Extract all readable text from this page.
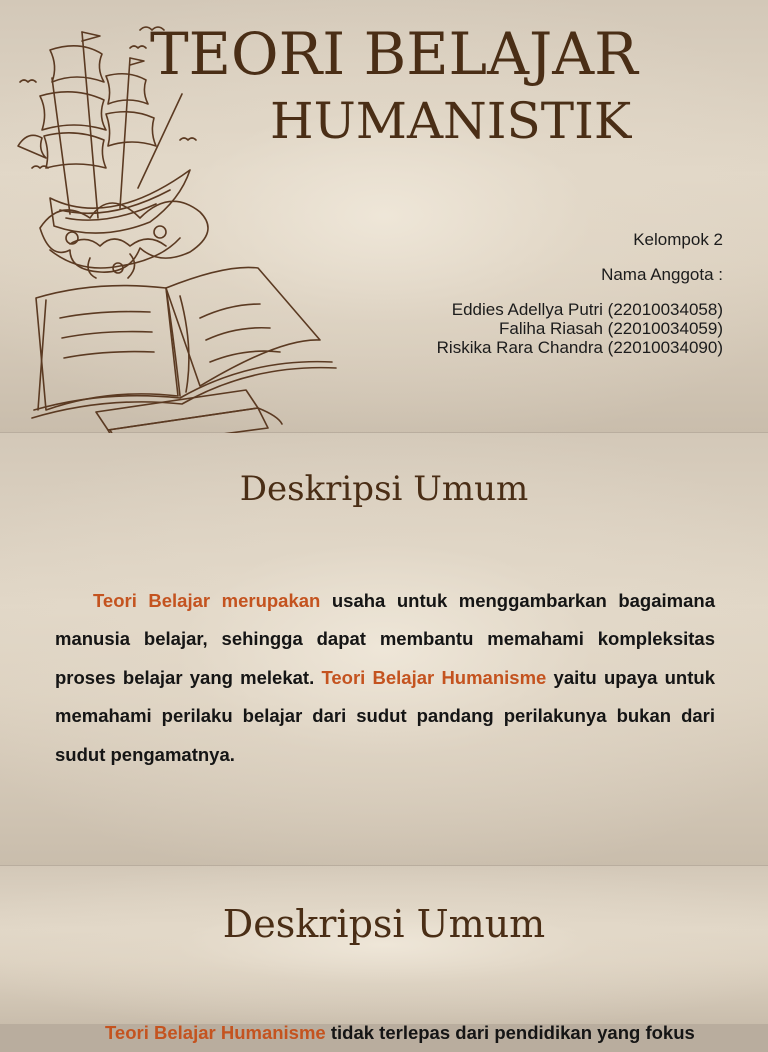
TEORI BELAJAR
HUMANISTIK
Kelompok 2
Nama Anggota :
Eddies Adellya Putri (22010034058)
Faliha Riasah (22010034059)
Riskika Rara Chandra (22010034090)
Deskripsi Umum

Teori Belajar merupakan usaha untuk menggambarkan bagaimana manusia belajar, sehingga dapat membantu memahami kompleksitas proses belajar yang melekat. Teori Belajar Humanisme yaitu upaya untuk memahami perilaku belajar dari sudut pandang perilakunya bukan dari sudut pengamatnya.

Deskripsi Umum

Teori Belajar Humanisme tidak terlepas dari pendidikan yang fokus
